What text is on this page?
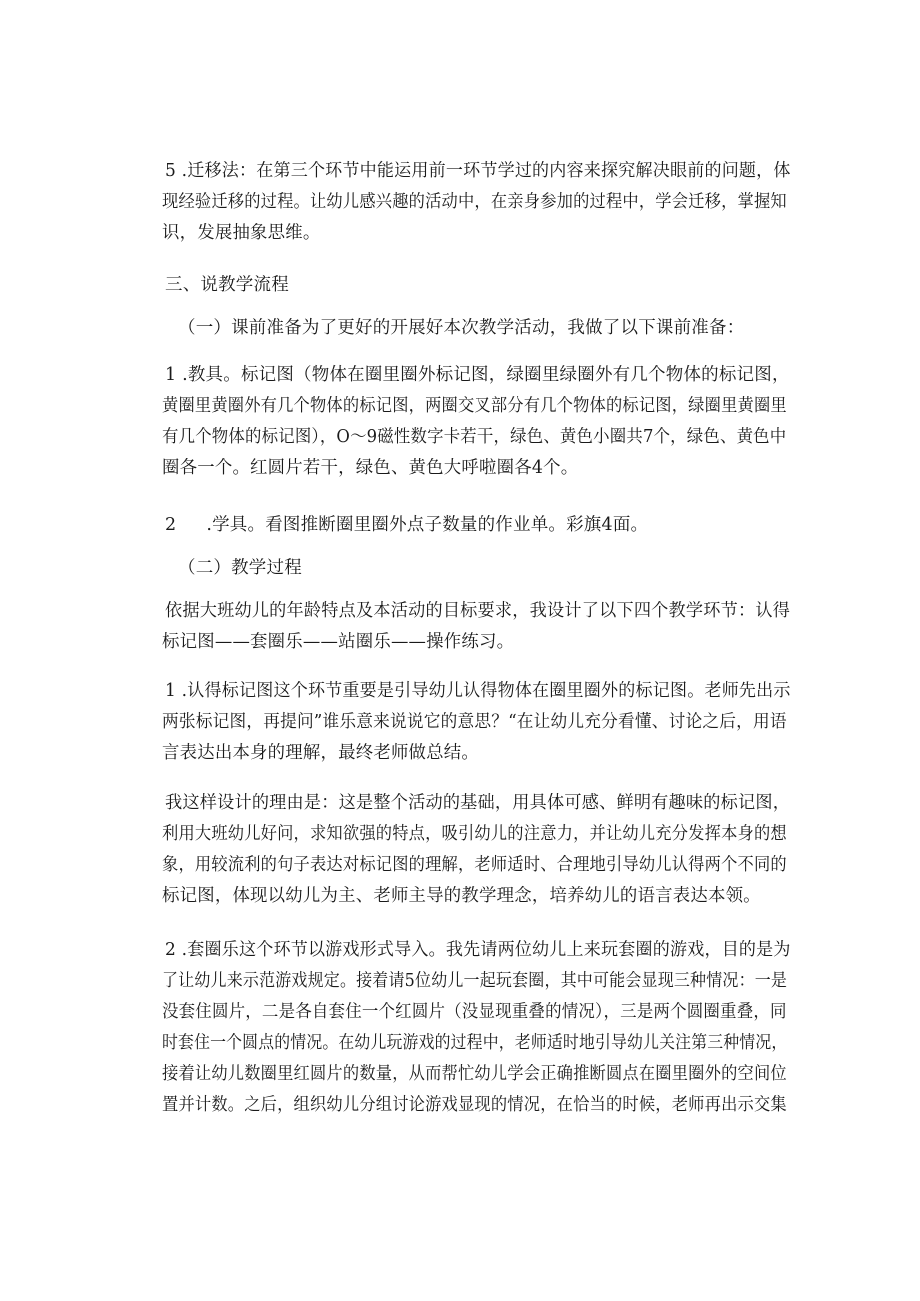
5 .迁移法：在第三个环节中能运用前一环节学过的内容来探究解决眼前的问题，体
现经验迁移的过程。让幼儿感兴趣的活动中，在亲身参加的过程中，学会迁移，掌握知
识，发展抽象思维。
三、说教学流程
（一）课前准备为了更好的开展好本次教学活动，我做了以下课前准备：
1 .教具。标记图（物体在圈里圈外标记图，绿圈里绿圈外有几个物体的标记图，
黄圈里黄圈外有几个物体的标记图，两圈交叉部分有几个物体的标记图，绿圈里黄圈里
有几个物体的标记图），O～9磁性数字卡若干，绿色、黄色小圈共7个，绿色、黄色中
圈各一个。红圆片若干，绿色、黄色大呼啦圈各4个。
2 .学具。看图推断圈里圈外点子数量的作业单。彩旗4面。
（二）教学过程
依据大班幼儿的年龄特点及本活动的目标要求，我设计了以下四个教学环节：认得
标记图——套圈乐——站圈乐——操作练习。
1 .认得标记图这个环节重要是引导幼儿认得物体在圈里圈外的标记图。老师先出示
两张标记图，再提问”谁乐意来说说它的意思？“在让幼儿充分看懂、讨论之后，用语
言表达出本身的理解，最终老师做总结。
我这样设计的理由是：这是整个活动的基础，用具体可感、鲜明有趣味的标记图，
利用大班幼儿好问，求知欲强的特点，吸引幼儿的注意力，并让幼儿充分发挥本身的想
象，用较流利的句子表达对标记图的理解，老师适时、合理地引导幼儿认得两个不同的
标记图，体现以幼儿为主、老师主导的教学理念，培养幼儿的语言表达本领。
2 .套圈乐这个环节以游戏形式导入。我先请两位幼儿上来玩套圈的游戏，目的是为
了让幼儿来示范游戏规定。接着请5位幼儿一起玩套圈，其中可能会显现三种情况：一是
没套住圆片，二是各自套住一个红圆片（没显现重叠的情况），三是两个圆圈重叠，同
时套住一个圆点的情况。在幼儿玩游戏的过程中，老师适时地引导幼儿关注第三种情况，
接着让幼儿数圈里红圆片的数量，从而帮忙幼儿学会正确推断圆点在圈里圈外的空间位
置并计数。之后，组织幼儿分组讨论游戏显现的情况，在恰当的时候，老师再出示交集
